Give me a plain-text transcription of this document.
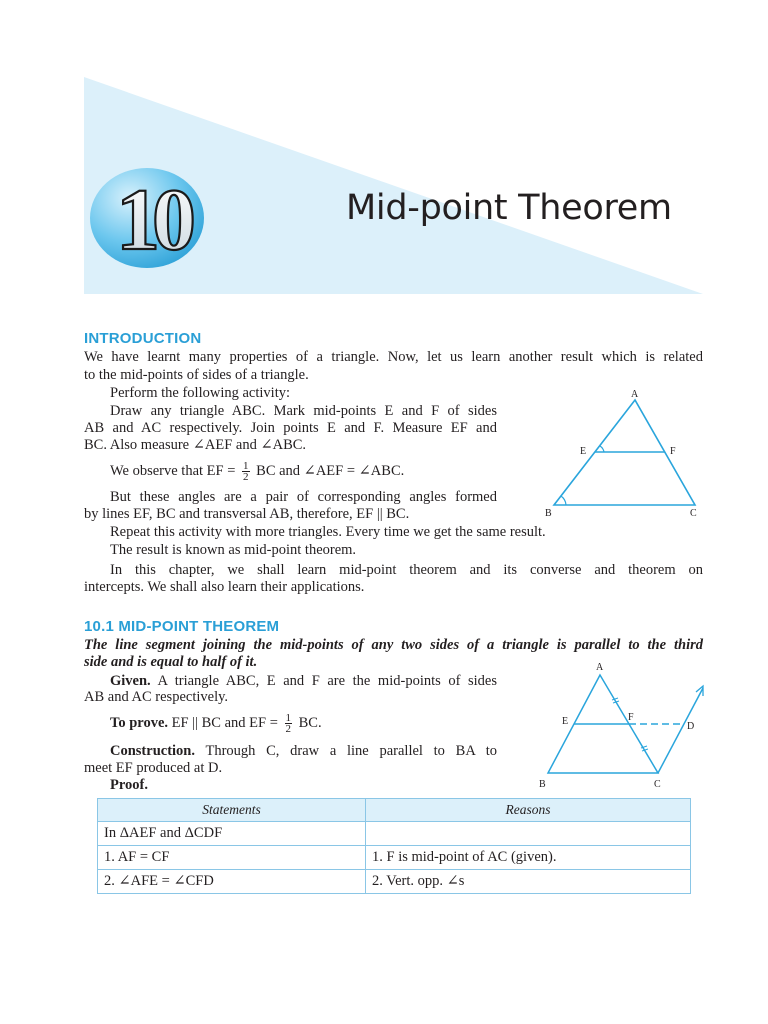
10	Mid-point Theorem
INTRODUCTION

We have learnt many properties of a triangle. Now, let us learn another result which is related

to the mid-points of sides of a triangle.

Perform the following activity:

Draw any triangle ABC. Mark mid-points E and F of sides

AB and AC respectively. Join points E and F. Measure EF and

BC. Also measure ∠AEF and ∠ABC.

We observe that EF = $\frac{1}{2}$ BC and ∠AEF = ∠ABC.

But these angles are a pair of corresponding angles formed

by lines EF, BC and transversal AB, therefore, EF || BC.

Repeat this activity with more triangles. Every time we get the same result.

The result is known as mid-point theorem.

In this chapter, we shall learn mid-point theorem and its converse and theorem on

intercepts. We shall also learn their applications.

A
E	F
B	C
10.1 MID-POINT THEOREM

The line segment joining the mid-points of any two sides of a triangle is parallel to the third

side and is equal to half of it.

Given. A triangle ABC, E and F are the mid-points of sides

AB and AC respectively.

To prove. EF || BC and EF = $\frac{1}{2}$ BC.

Construction. Through C, draw a line parallel to BA to

meet EF produced at D.

Proof.

A
E	F
D
B	C
Statements	Reasons
In ΔAEF and ΔCDF	
1. AF = CF	1. F is mid-point of AC (given).
2. ∠AFE = ∠CFD	2. Vert. opp. ∠s
